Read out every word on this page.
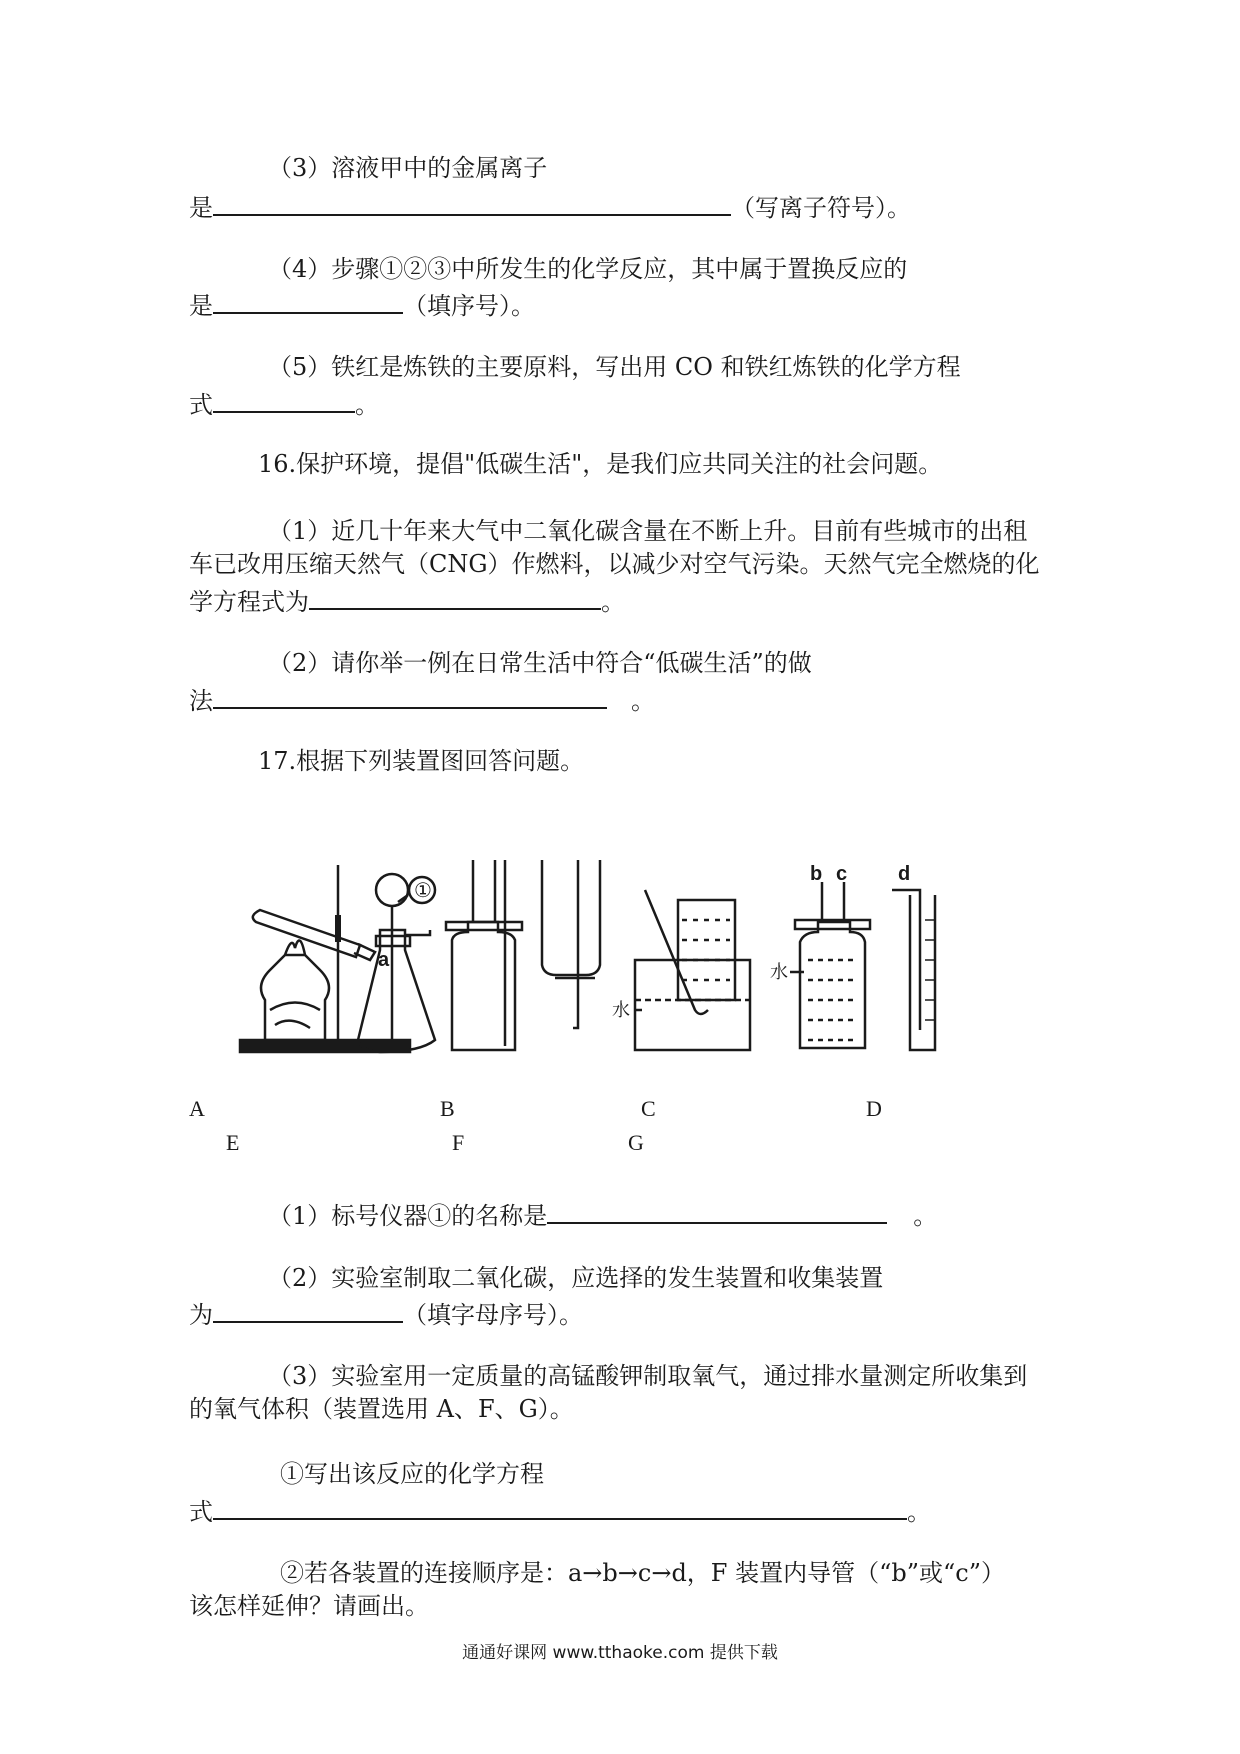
（3）溶液甲中的金属离子
是	（写离子符号）。
（4）步骤①②③中所发生的化学反应，其中属于置换反应的
是	（填序号）。
（5）铁红是炼铁的主要原料，写出用 CO 和铁红炼铁的化学方程
式	。
16.保护环境，提倡"低碳生活"，是我们应共同关注的社会问题。
（1）近几十年来大气中二氧化碳含量在不断上升。目前有些城市的出租
车已改用压缩天然气（CNG）作燃料，以减少对空气污染。天然气完全燃烧的化
学方程式为	。
（2）请你举一例在日常生活中符合“低碳生活”的做
法	。
17.根据下列装置图回答问题。
a
①
水
水
b c	d
A	B	C	D
E	F	G
（1）标号仪器①的名称是	。
（2）实验室制取二氧化碳，应选择的发生装置和收集装置
为	（填字母序号）。
（3）实验室用一定质量的高锰酸钾制取氧气，通过排水量测定所收集到
的氧气体积（装置选用 A、F、G）。
①写出该反应的化学方程
式	。
②若各装置的连接顺序是：a→b→c→d，F 装置内导管（“b”或“c”）
该怎样延伸？请画出。
通通好课网 www.tthaoke.com 提供下载
